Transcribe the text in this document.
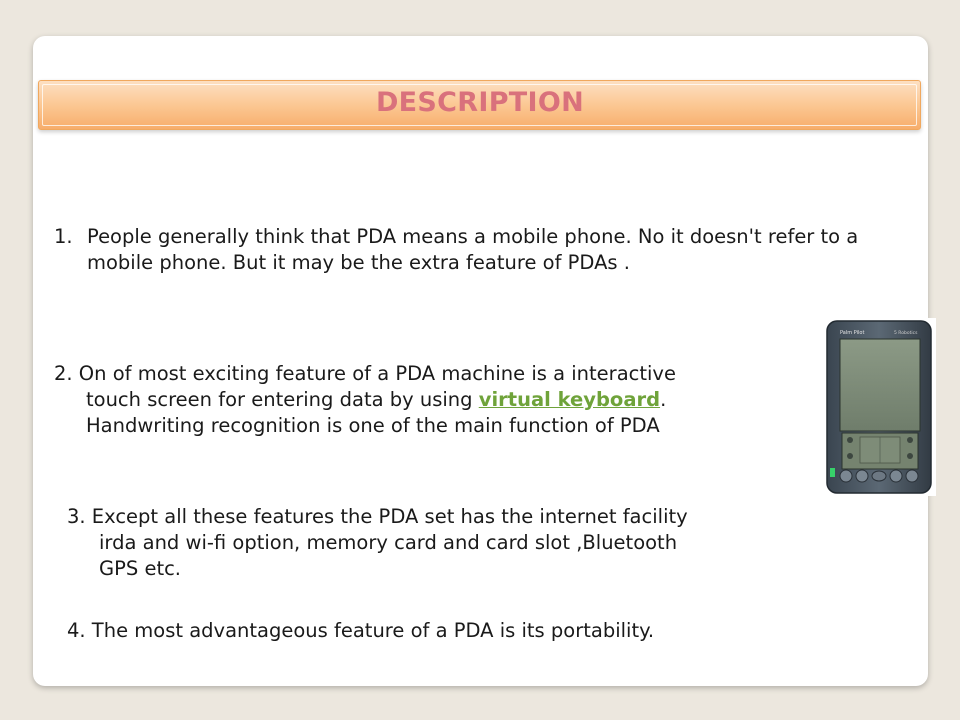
DESCRIPTION
1. People generally think that PDA means a mobile phone. No it doesn't refer to a mobile phone. But it may be the extra feature of PDAs .
2. On of most exciting feature of a PDA machine is a interactive
touch screen for entering data by using virtual keyboard.
Handwriting recognition is one of the main function of PDA
3. Except all these features the PDA set has the internet facility
irda and wi-fi option, memory card and card slot ,Bluetooth
GPS etc.
4. The most advantageous feature of a PDA is its portability.
Palm Pilot	5 Robotics
